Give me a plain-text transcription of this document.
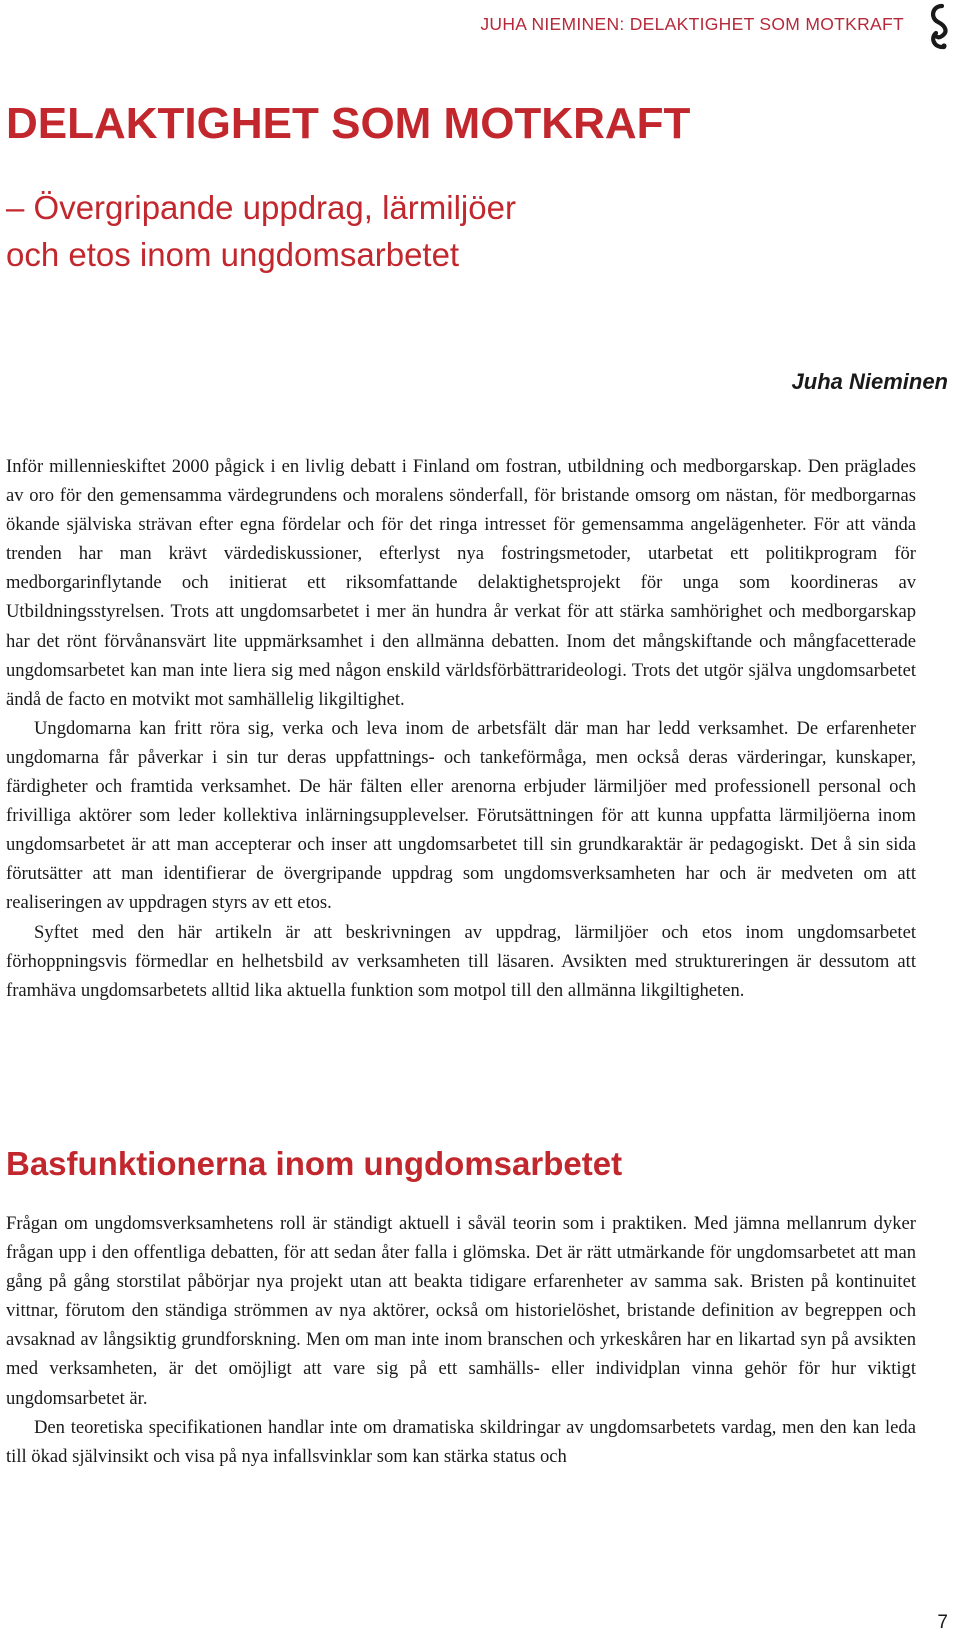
JUHA NIEMINEN: DELAKTIGHET SOM MOTKRAFT
DELAKTIGHET SOM MOTKRAFT
– Övergripande uppdrag, lärmiljöer
och etos inom ungdomsarbetet
Juha Nieminen

Inför millennieskiftet 2000 pågick i en livlig debatt i Finland om fostran, utbildning och medborgarskap. Den präglades av oro för den gemensamma värdegrundens och moralens sönderfall, för bristande omsorg om nästan, för medborgarnas ökande själviska strävan efter egna fördelar och för det ringa intresset för gemensamma angelägenheter. För att vända trenden har man krävt värdediskussioner, efterlyst nya fostringsmetoder, utarbetat ett politikprogram för medborgarinflytande och initierat ett riksomfattande delaktighetsprojekt för unga som koordineras av Utbildningsstyrelsen. Trots att ungdomsarbetet i mer än hundra år verkat för att stärka samhörighet och medborgarskap har det rönt förvånansvärt lite uppmärksamhet i den allmänna debatten. Inom det mångskiftande och mångfacetterade ungdomsarbetet kan man inte liera sig med någon enskild världsförbättrarideologi. Trots det utgör själva ungdomsarbetet ändå de facto en motvikt mot samhällelig likgiltighet.

Ungdomarna kan fritt röra sig, verka och leva inom de arbetsfält där man har ledd verksamhet. De erfarenheter ungdomarna får påverkar i sin tur deras uppfattnings- och tankeförmåga, men också deras värderingar, kunskaper, färdigheter och framtida verksamhet. De här fälten eller arenorna erbjuder lärmiljöer med professionell personal och frivilliga aktörer som leder kollektiva inlärningsupplevelser. Förutsättningen för att kunna uppfatta lärmiljöerna inom ungdomsarbetet är att man accepterar och inser att ungdomsarbetet till sin grundkaraktär är pedagogiskt. Det å sin sida förutsätter att man identifierar de övergripande uppdrag som ungdomsverksamheten har och är medveten om att realiseringen av uppdragen styrs av ett etos.

Syftet med den här artikeln är att beskrivningen av uppdrag, lärmiljöer och etos inom ungdomsarbetet förhoppningsvis förmedlar en helhetsbild av verksamheten till läsaren. Avsikten med struktureringen är dessutom att framhäva ungdomsarbetets alltid lika aktuella funktion som motpol till den allmänna likgiltigheten.

Basfunktionerna inom ungdomsarbetet

Frågan om ungdomsverksamhetens roll är ständigt aktuell i såväl teorin som i praktiken. Med jämna mellanrum dyker frågan upp i den offentliga debatten, för att sedan åter falla i glömska. Det är rätt utmärkande för ungdomsarbetet att man gång på gång storstilat påbörjar nya projekt utan att beakta tidigare erfarenheter av samma sak. Bristen på kontinuitet vittnar, förutom den ständiga strömmen av nya aktörer, också om historielöshet, bristande definition av begreppen och avsaknad av långsiktig grundforskning. Men om man inte inom branschen och yrkeskåren har en likartad syn på avsikten med verksamheten, är det omöjligt att vare sig på ett samhälls- eller individplan vinna gehör för hur viktigt ungdomsarbetet är.

Den teoretiska specifikationen handlar inte om dramatiska skildringar av ungdomsarbetets vardag, men den kan leda till ökad självinsikt och visa på nya infallsvinklar som kan stärka status och

7
